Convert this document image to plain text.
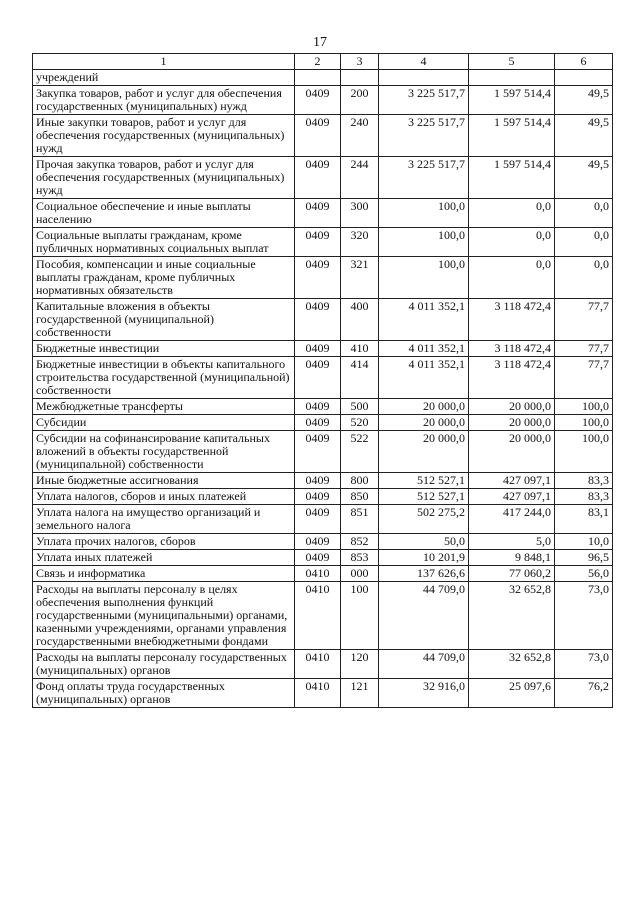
17
1	2	3	4	5	6
учреждений					
Закупка товаров, работ и услуг для обеспечения государственных (муниципальных) нужд	0409	200	3 225 517,7	1 597 514,4	49,5
Иные закупки товаров, работ и услуг для обеспечения государственных (муниципальных) нужд	0409	240	3 225 517,7	1 597 514,4	49,5
Прочая закупка товаров, работ и услуг для обеспечения государственных (муниципальных) нужд	0409	244	3 225 517,7	1 597 514,4	49,5
Социальное обеспечение и иные выплаты населению	0409	300	100,0	0,0	0,0
Социальные выплаты гражданам, кроме публичных нормативных социальных выплат	0409	320	100,0	0,0	0,0
Пособия, компенсации и иные социальные выплаты гражданам, кроме публичных нормативных обязательств	0409	321	100,0	0,0	0,0
Капитальные вложения в объекты государственной (муниципальной) собственности	0409	400	4 011 352,1	3 118 472,4	77,7
Бюджетные инвестиции	0409	410	4 011 352,1	3 118 472,4	77,7
Бюджетные инвестиции в объекты капитального строительства государственной (муниципальной) собственности	0409	414	4 011 352,1	3 118 472,4	77,7
Межбюджетные трансферты	0409	500	20 000,0	20 000,0	100,0
Субсидии	0409	520	20 000,0	20 000,0	100,0
Субсидии на софинансирование капитальных вложений в объекты государственной (муниципальной) собственности	0409	522	20 000,0	20 000,0	100,0
Иные бюджетные ассигнования	0409	800	512 527,1	427 097,1	83,3
Уплата налогов, сборов и иных платежей	0409	850	512 527,1	427 097,1	83,3
Уплата налога на имущество организаций и земельного налога	0409	851	502 275,2	417 244,0	83,1
Уплата прочих налогов, сборов	0409	852	50,0	5,0	10,0
Уплата иных платежей	0409	853	10 201,9	9 848,1	96,5
Связь и информатика	0410	000	137 626,6	77 060,2	56,0
Расходы на выплаты персоналу в целях обеспечения выполнения функций государственными (муниципальными) органами, казенными учреждениями, органами управления государственными внебюджетными фондами	0410	100	44 709,0	32 652,8	73,0
Расходы на выплаты персоналу государственных (муниципальных) органов	0410	120	44 709,0	32 652,8	73,0
Фонд оплаты труда государственных (муниципальных) органов	0410	121	32 916,0	25 097,6	76,2
